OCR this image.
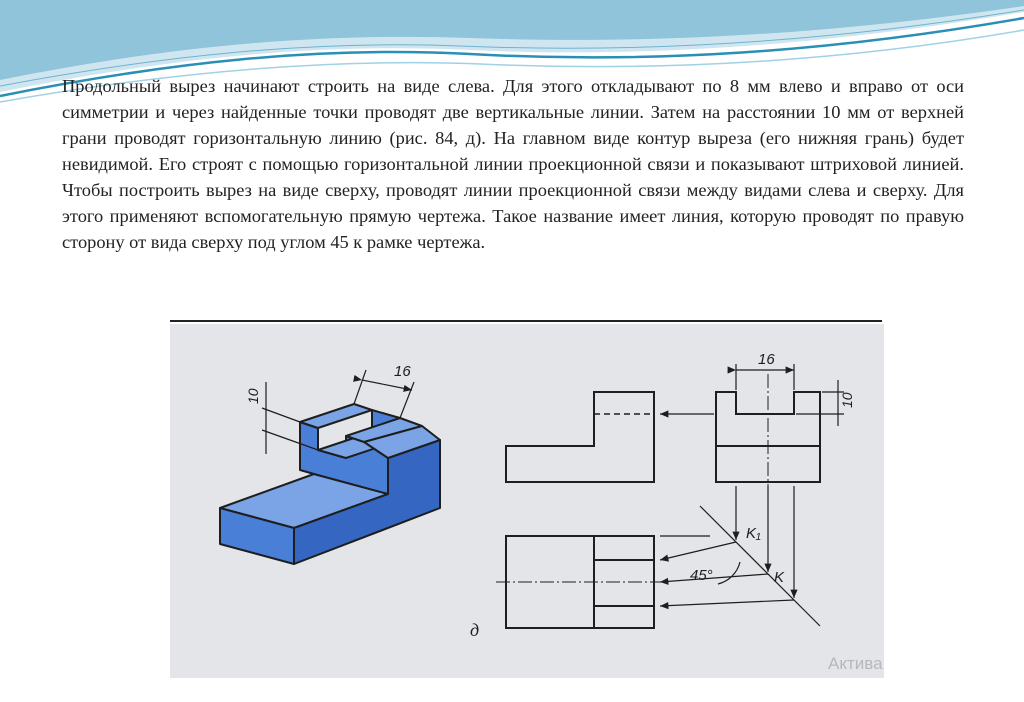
Продольный вырез начинают строить на виде слева. Для этого откладывают по 8 мм влево и вправо от оси симметрии и через найденные точки проводят две вертикальные линии. Затем на расстоянии 10 мм от верхней грани проводят горизонтальную линию (рис. 84, д). На главном виде контур выреза (его нижняя грань) будет невидимой. Его строят с помощью горизонтальной линии проекционной связи и показывают штриховой линией. Чтобы построить вырез на виде сверху, проводят линии проекционной связи между видами слева и сверху. Для этого применяют вспомогательную прямую чертежа. Такое название имеет линия, которую проводят по правую сторону от вида сверху под углом 45 к рамке чертежа.

16
10
16
10
K₁
K
45°
д
Актива
